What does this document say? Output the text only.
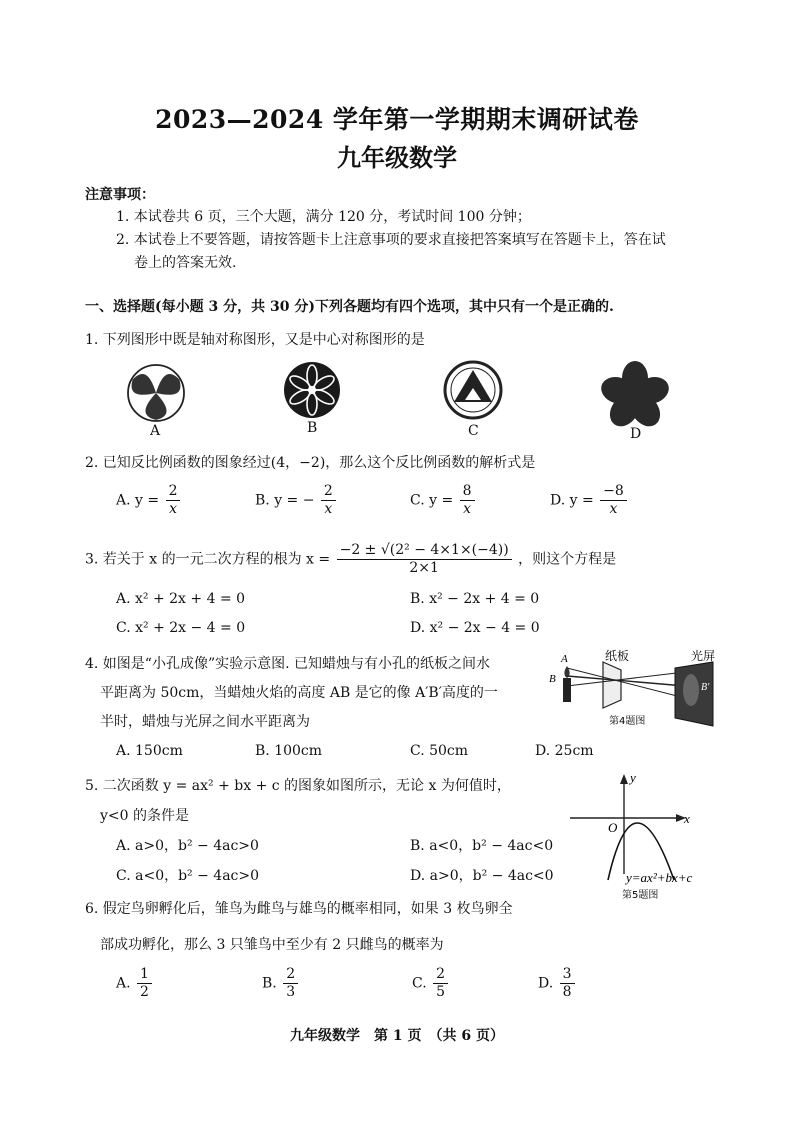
2023—2024 学年第一学期期末调研试卷
九年级数学
注意事项：
1. 本试卷共 6 页，三个大题，满分 120 分，考试时间 100 分钟；
2. 本试卷上不要答题，请按答题卡上注意事项的要求直接把答案填写在答题卡上，答在试
卷上的答案无效.
一、选择题(每小题 3 分，共 30 分)下列各题均有四个选项，其中只有一个是正确的.
1. 下列图形中既是轴对称图形，又是中心对称图形的是
A	B	C	D
2. 已知反比例函数的图象经过(4，−2)，那么这个反比例函数的解析式是
A. $y = \frac{2}{x}$	B. y = − $\frac{2}{x}$	C. $y = \frac{8}{x}$	D. $y = \frac{-8}{x}$
3. 若关于 x 的一元二次方程的根为 $x = \frac{\text{−2 ± √(2² − 4×1×(−4))}}{2\times 1}$ ，则这个方程是
A. x² + 2x + 4 = 0	B. x² − 2x + 4 = 0
C. x² + 2x − 4 = 0	D. x² − 2x − 4 = 0
4. 如图是“小孔成像”实验示意图. 已知蜡烛与有小孔的纸板之间水
平距离为 50cm，当蜡烛火焰的高度 AB 是它的像 A′B′高度的一
半时，蜡烛与光屏之间水平距离为
A. 150cm	B. 100cm	C. 50cm	D. 25cm
A
B
纸板	光屏
B′
第4题图
5. 二次函数 y = ax² + bx + c 的图象如图所示，无论 x 为何值时，
y<0 的条件是
A. a>0，b² − 4ac>0	B. a<0，b² − 4ac<0
C. a<0，b² − 4ac>0	D. a>0，b² − 4ac<0
y
x
O
y=ax²+bx+c
第5题图
6. 假定鸟卵孵化后，雏鸟为雌鸟与雄鸟的概率相同，如果 3 枚鸟卵全
部成功孵化，那么 3 只雏鸟中至少有 2 只雌鸟的概率为
A. $\frac{1}{2}$	B. $\frac{2}{3}$	C. $\frac{2}{5}$	D. $\frac{3}{8}$
九年级数学　第 1 页　（共 6 页）
